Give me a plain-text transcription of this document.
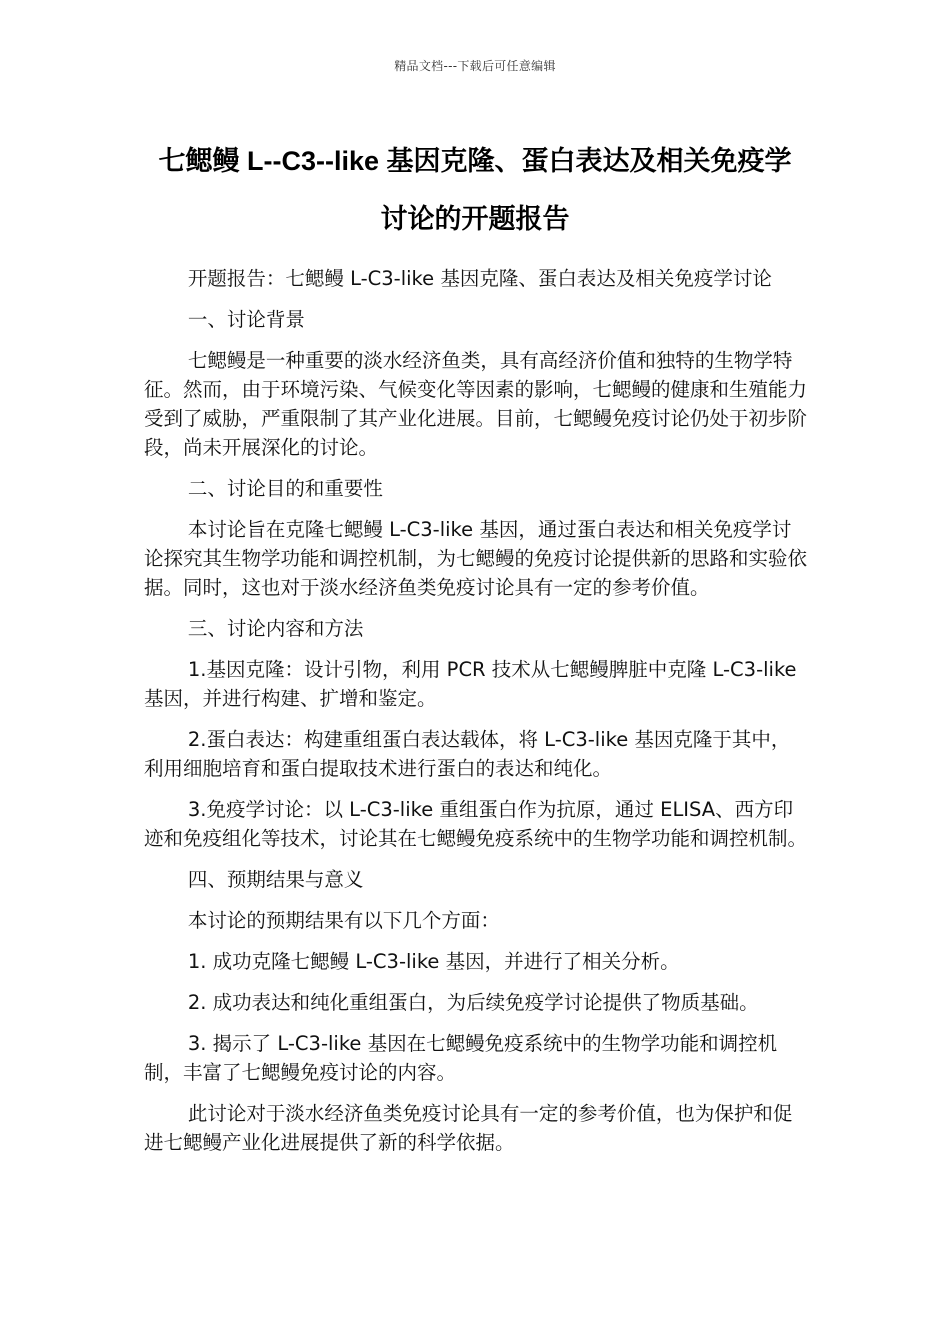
精品文档---下载后可任意编辑
七鳃鳗 L--C3--like 基因克隆、蛋白表达及相关免疫学
讨论的开题报告

开题报告：七鳃鳗 L-C3-like 基因克隆、蛋白表达及相关免疫学讨论

一、讨论背景

七鳃鳗是一种重要的淡水经济鱼类，具有高经济价值和独特的生物学特征。然而，由于环境污染、气候变化等因素的影响，七鳃鳗的健康和生殖能力受到了威胁，严重限制了其产业化进展。目前，七鳃鳗免疫讨论仍处于初步阶段，尚未开展深化的讨论。

二、讨论目的和重要性

本讨论旨在克隆七鳃鳗 L-C3-like 基因，通过蛋白表达和相关免疫学讨论探究其生物学功能和调控机制，为七鳃鳗的免疫讨论提供新的思路和实验依据。同时，这也对于淡水经济鱼类免疫讨论具有一定的参考价值。

三、讨论内容和方法

1.基因克隆：设计引物，利用 PCR 技术从七鳃鳗脾脏中克隆 L-C3-like 基因，并进行构建、扩增和鉴定。

2.蛋白表达：构建重组蛋白表达载体，将 L-C3-like 基因克隆于其中，利用细胞培育和蛋白提取技术进行蛋白的表达和纯化。

3.免疫学讨论：以 L-C3-like 重组蛋白作为抗原，通过 ELISA、西方印迹和免疫组化等技术，讨论其在七鳃鳗免疫系统中的生物学功能和调控机制。

四、预期结果与意义

本讨论的预期结果有以下几个方面：

1. 成功克隆七鳃鳗 L-C3-like 基因，并进行了相关分析。

2. 成功表达和纯化重组蛋白，为后续免疫学讨论提供了物质基础。

3. 揭示了 L-C3-like 基因在七鳃鳗免疫系统中的生物学功能和调控机制，丰富了七鳃鳗免疫讨论的内容。

此讨论对于淡水经济鱼类免疫讨论具有一定的参考价值，也为保护和促进七鳃鳗产业化进展提供了新的科学依据。
